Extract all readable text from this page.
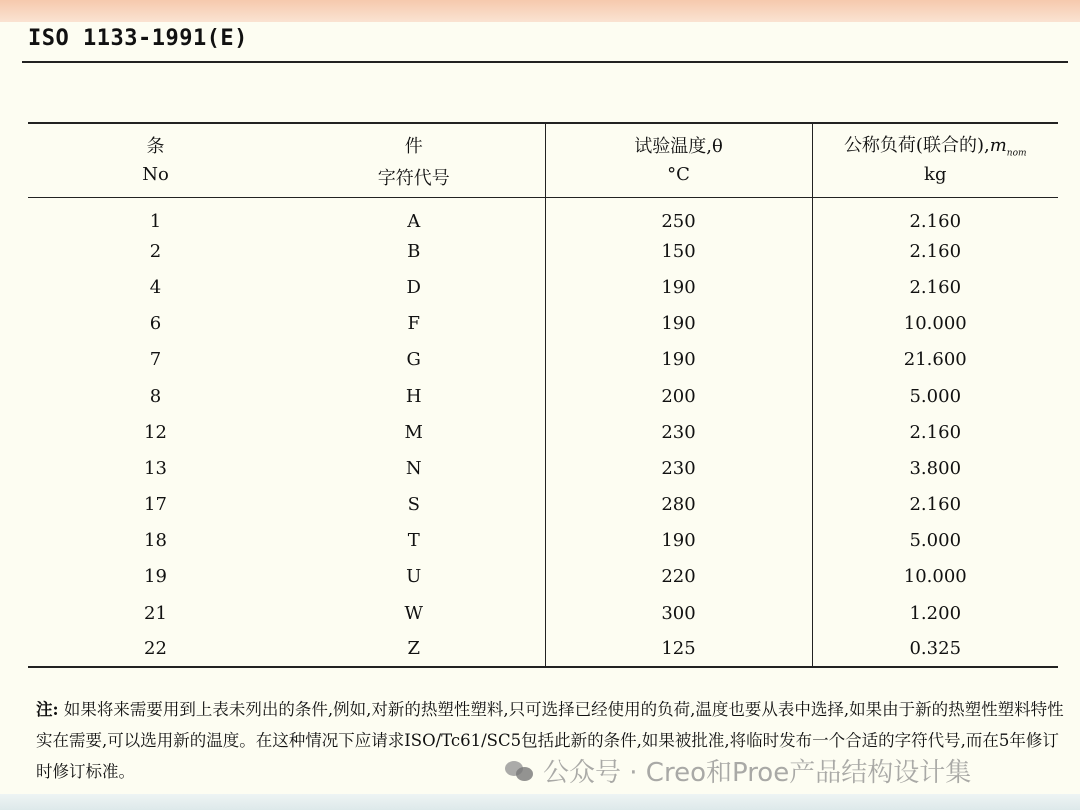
ISO 1133-1991(E)
条	件	试验温度,θ	公称负荷(联合的)$,m_{nom}$
No	字符代号	°C	kg
1	A	250	2.160
2	B	150	2.160
4	D	190	2.160
6	F	190	10.000
7	G	190	21.600
8	H	200	5.000
12	M	230	2.160
13	N	230	3.800
17	S	280	2.160
18	T	190	5.000
19	U	220	10.000
21	W	300	1.200
22	Z	125	0.325
注: 如果将来需要用到上表未列出的条件,例如,对新的热塑性塑料,只可选择已经使用的负荷,温度也要从表中选择,如果由于新的热塑性塑料特性实在需要,可以选用新的温度。在这种情况下应请求ISO/Tc61/SC5包括此新的条件,如果被批准,将临时发布一个合适的字符代号,而在5年修订时修订标准。	公众号 · Creo和Proe产品结构设计集
